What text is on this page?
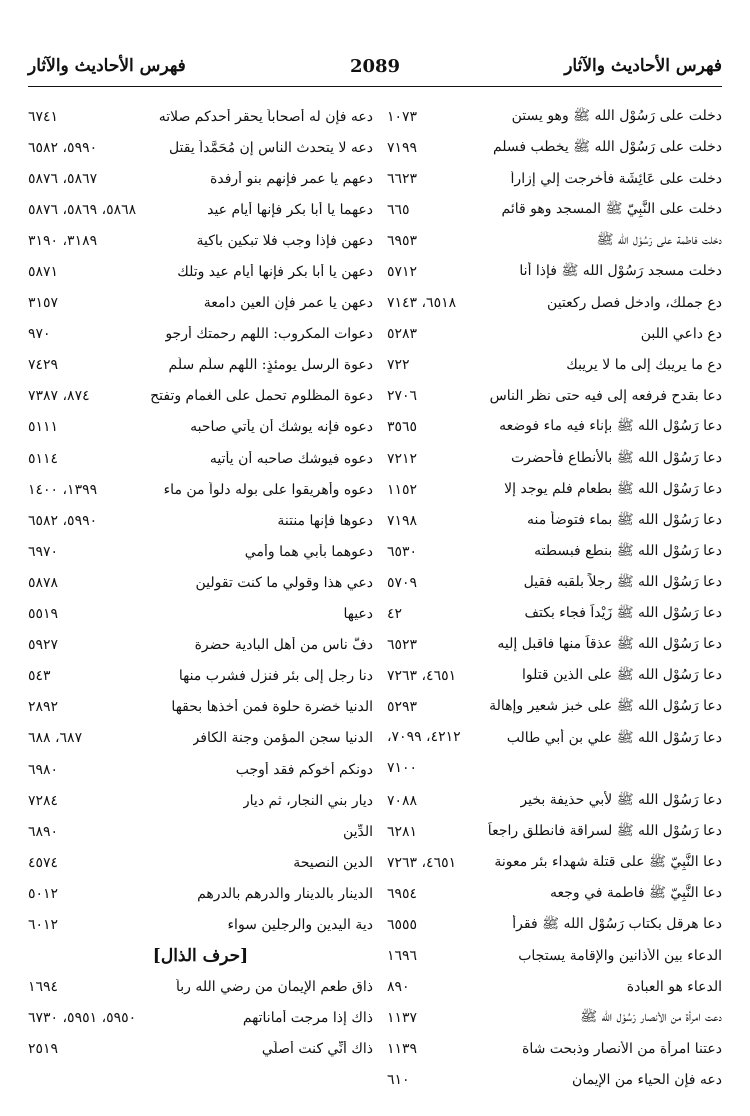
فهرس الأحاديث والآثار
2089
فهرس الأحاديث والآثار
دخلت على رَسُوْل الله ﷺ وهو يستن
١٠٧٣
دخلت على رَسُوْل الله ﷺ يخطب فسلم
٧١٩٩
دخلت على عَائِشَة فأخرجت إلي إزاراً
٦٦٢٣
دخلت على النَّبِيّ ﷺ المسجد وهو قائم
٦٦٥
دخلت فاطمة على رَسُوْل الله ﷺ
٦٩٥٣
دخلت مسجد رَسُوْل الله ﷺ فإذا أنا
٥٧١٢
دع جملك، وادخل فصل ركعتين
٦٥١٨، ٧١٤٣
دع داعي اللبن
٥٢٨٣
دع ما يريبك إلى ما لا يريبك
٧٢٢
دعا بقدح فرفعه إلى فيه حتى نظر الناس
٢٧٠٦
دعا رَسُوْل الله ﷺ بإناء فيه ماء فوضعه
٣٥٦٥
دعا رَسُوْل الله ﷺ بالأنطاع فأحضرت
٧٢١٢
دعا رَسُوْل الله ﷺ بطعام فلم يوجد إلا
١١٥٢
دعا رَسُوْل الله ﷺ بماء فتوضأ منه
٧١٩٨
دعا رَسُوْل الله ﷺ بنطع فبسطته
٦٥٣٠
دعا رَسُوْل الله ﷺ رجلاً بلقبه فقيل
٥٧٠٩
دعا رَسُوْل الله ﷺ زَيْداً فجاء بكتف
٤٢
دعا رَسُوْل الله ﷺ عذقاً منها فاقبل إليه
٦٥٢٣
دعا رَسُوْل الله ﷺ على الذين قتلوا
٤٦٥١، ٧٢٦٣
دعا رَسُوْل الله ﷺ على خبز شعير وإهالة
٥٢٩٣
دعا رَسُوْل الله ﷺ علي بن أبي طالب
٤٢١٢، ٧٠٩٩،
٧١٠٠
دعا رَسُوْل الله ﷺ لأبي حذيفة بخير
٧٠٨٨
دعا رَسُوْل الله ﷺ لسراقة فانطلق راجعاً
٦٢٨١
دعا النَّبِيّ ﷺ على قتلة شهداء بئر معونة
٤٦٥١، ٧٢٦٣
دعا النَّبِيّ ﷺ فاطمة في وجعه
٦٩٥٤
دعا هرقل بكتاب رَسُوْل الله ﷺ فقرأ
٦٥٥٥
الدعاء بين الأذانين والإقامة يستجاب
١٦٩٦
الدعاء هو العبادة
٨٩٠
دعت امرأة من الأنصار رَسُوْل الله ﷺ
١١٣٧
دعتنا امرأة من الأنصار وذبحت شاة
١١٣٩
دعه فإن الحياء من الإيمان
٦١٠
دعه فإن له أصحاباً يحقر أحدكم صلاته
٦٧٤١
دعه لا يتحدث الناس إن مُحَمَّداً يقتل
٥٩٩٠، ٦٥٨٢
دعهم يا عمر فإنهم بنو أرفدة
٥٨٦٧، ٥٨٧٦
دعهما يا أبا بكر فإنها أيام عيد
٥٨٦٨، ٥٨٦٩، ٥٨٧٦
دعهن فإذا وجب فلا تبكين باكية
٣١٨٩، ٣١٩٠
دعهن يا أبا بكر فإنها أيام عيد وتلك
٥٨٧١
دعهن يا عمر فإن العين دامعة
٣١٥٧
دعوات المكروب: اللهم رحمتك أرجو
٩٧٠
دعوة الرسل يومئذٍ: اللهم سلّم سلّم
٧٤٢٩
دعوة المظلوم تحمل على الغمام وتفتح
٨٧٤، ٧٣٨٧
دعوه فإنه يوشك أن يأتي صاحبه
٥١١١
دعوه فيوشك صاحبه أن يأتيه
٥١١٤
دعوه وأهريقوا على بوله دلواً من ماء
١٣٩٩، ١٤٠٠
دعوها فإنها منتنة
٥٩٩٠، ٦٥٨٢
دعوهما بأبي هما وأمي
٦٩٧٠
دعي هذا وقولي ما كنت تقولين
٥٨٧٨
دعيها
٥٥١٩
دفَّ ناس من أهل البادية حضرة
٥٩٢٧
دنا رجل إلى بئر فنزل فشرب منها
٥٤٣
الدنيا خضرة حلوة فمن أخذها بحقها
٢٨٩٢
الدنيا سجن المؤمن وجنة الكافر
٦٨٧، ٦٨٨
دونكم أخوكم فقد أوجب
٦٩٨٠
ديار بني النجار، ثم ديار
٧٢٨٤
الدِّين
٦٨٩٠
الدين النصيحة
٤٥٧٤
الدينار بالدينار والدرهم بالدرهم
٥٠١٢
دية اليدين والرجلين سواء
٦٠١٢
[حرف الذال]
ذاق طعم الإيمان من رضي الله رباً
١٦٩٤
ذاك إذا مرجت أماناتهم
٥٩٥٠، ٥٩٥١، ٦٧٣٠
ذاك أنِّي كنت أُصلِّي
٢٥١٩
